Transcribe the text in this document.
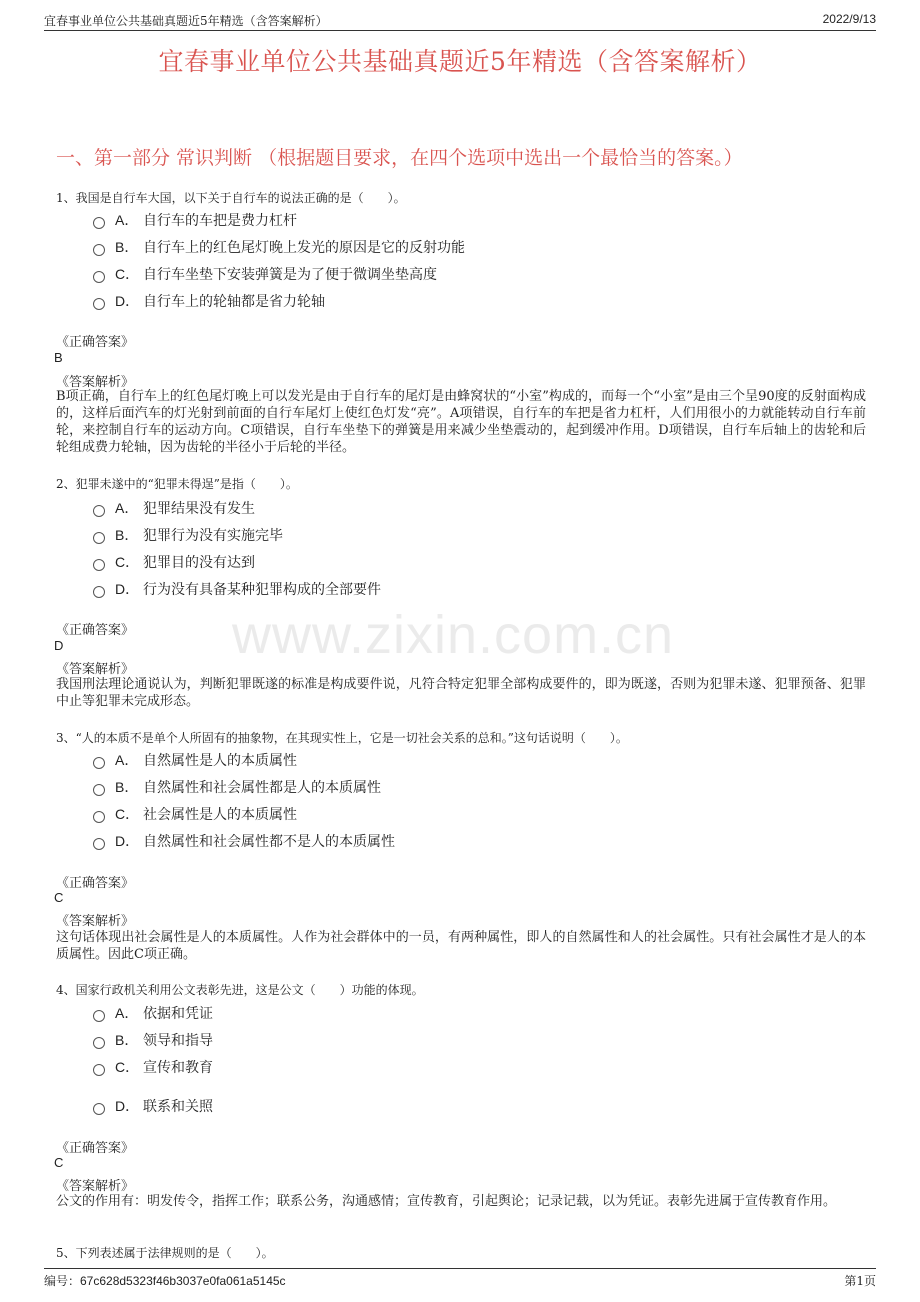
宜春事业单位公共基础真题近5年精选（含答案解析）	2022/9/13
宜春事业单位公共基础真题近5年精选（含答案解析）
一、第一部分 常识判断 （根据题目要求，在四个选项中选出一个最恰当的答案。）
www.zixin.com.cn
1、我国是自行车大国，以下关于自行车的说法正确的是（　　）。
A． 自行车的车把是费力杠杆
B． 自行车上的红色尾灯晚上发光的原因是它的反射功能
C． 自行车坐垫下安装弹簧是为了便于微调坐垫高度
D． 自行车上的轮轴都是省力轮轴
《正确答案》
B
《答案解析》
B项正确，自行车上的红色尾灯晚上可以发光是由于自行车的尾灯是由蜂窝状的“小室”构成的，而每一个“小室”是由三个呈90度的反射面构成的，这样后面汽车的灯光射到前面的自行车尾灯上使红色灯发“亮”。A项错误，自行车的车把是省力杠杆，人们用很小的力就能转动自行车前轮，来控制自行车的运动方向。C项错误，自行车坐垫下的弹簧是用来减少坐垫震动的，起到缓冲作用。D项错误，自行车后轴上的齿轮和后轮组成费力轮轴，因为齿轮的半径小于后轮的半径。
2、犯罪未遂中的“犯罪未得逞”是指（　　）。
A． 犯罪结果没有发生
B． 犯罪行为没有实施完毕
C． 犯罪目的没有达到
D． 行为没有具备某种犯罪构成的全部要件
《正确答案》
D
《答案解析》
我国刑法理论通说认为，判断犯罪既遂的标准是构成要件说，凡符合特定犯罪全部构成要件的，即为既遂，否则为犯罪未遂、犯罪预备、犯罪中止等犯罪未完成形态。
3、“人的本质不是单个人所固有的抽象物，在其现实性上，它是一切社会关系的总和。”这句话说明（　　）。
A． 自然属性是人的本质属性
B． 自然属性和社会属性都是人的本质属性
C． 社会属性是人的本质属性
D． 自然属性和社会属性都不是人的本质属性
《正确答案》
C
《答案解析》
这句话体现出社会属性是人的本质属性。人作为社会群体中的一员，有两种属性，即人的自然属性和人的社会属性。只有社会属性才是人的本质属性。因此C项正确。
4、国家行政机关利用公文表彰先进，这是公文（　　）功能的体现。
A． 依据和凭证
B． 领导和指导
C． 宣传和教育
D． 联系和关照
《正确答案》
C
《答案解析》
公文的作用有：明发传令，指挥工作；联系公务，沟通感情；宣传教育，引起舆论；记录记载，以为凭证。表彰先进属于宣传教育作用。
5、下列表述属于法律规则的是（　　）。
编号：67c628d5323f46b3037e0fa061a5145c	第1页
